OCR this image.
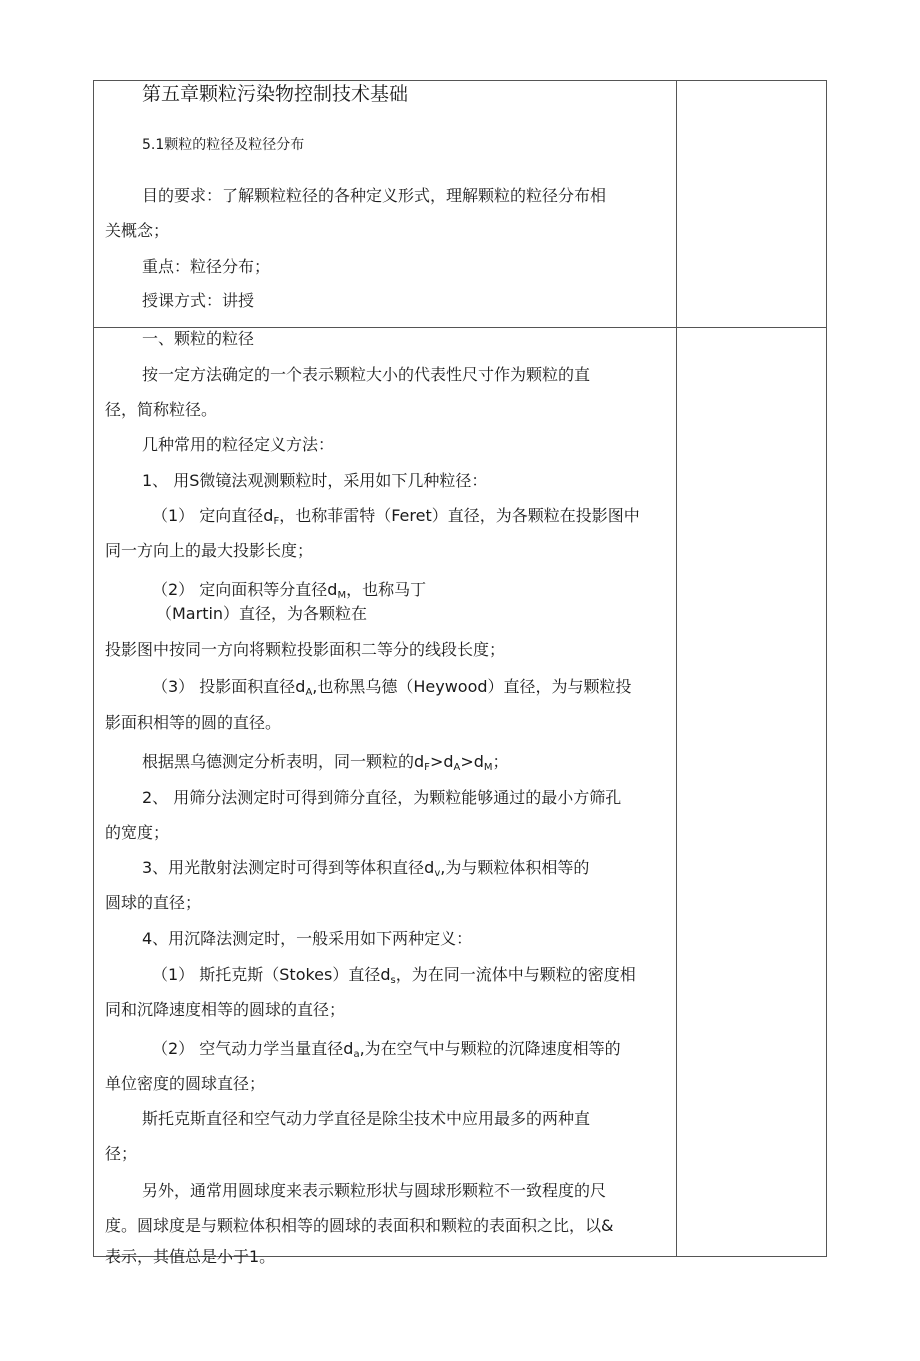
第五章颗粒污染物控制技术基础
5.1颗粒的粒径及粒径分布
目的要求：了解颗粒粒径的各种定义形式，理解颗粒的粒径分布相
关概念；
重点：粒径分布；
授课方式：讲授
一、颗粒的粒径
按一定方法确定的一个表示颗粒大小的代表性尺寸作为颗粒的直
径，简称粒径。
几种常用的粒径定义方法：
1、 用S微镜法观测颗粒时，采用如下几种粒径：
（1） 定向直径$d_F$，也称菲雷特（Feret）直径，为各颗粒在投影图中
同一方向上的最大投影长度；
（2） 定向面积等分直径$d_M$，也称马丁
（Martin）直径，为各颗粒在
投影图中按同一方向将颗粒投影面积二等分的线段长度；
（3） 投影面积直径$d_A$,也称黑乌德（Heywood）直径，为与颗粒投
影面积相等的圆的直径。
根据黑乌德测定分析表明，同一颗粒的$d_F>d_A>d_M$；
2、 用筛分法测定时可得到筛分直径，为颗粒能够通过的最小方筛孔
的宽度；
3、用光散射法测定时可得到等体积直径$d_v$,为与颗粒体积相等的
圆球的直径；
4、用沉降法测定时，一般采用如下两种定义：
（1） 斯托克斯（Stokes）直径$d_s$，为在同一流体中与颗粒的密度相
同和沉降速度相等的圆球的直径；
（2） 空气动力学当量直径$d_a$,为在空气中与颗粒的沉降速度相等的
单位密度的圆球直径；
斯托克斯直径和空气动力学直径是除尘技术中应用最多的两种直
径；
另外，通常用圆球度来表示颗粒形状与圆球形颗粒不一致程度的尺
度。圆球度是与颗粒体积相等的圆球的表面积和颗粒的表面积之比，以&
表示，其值总是小于1。
